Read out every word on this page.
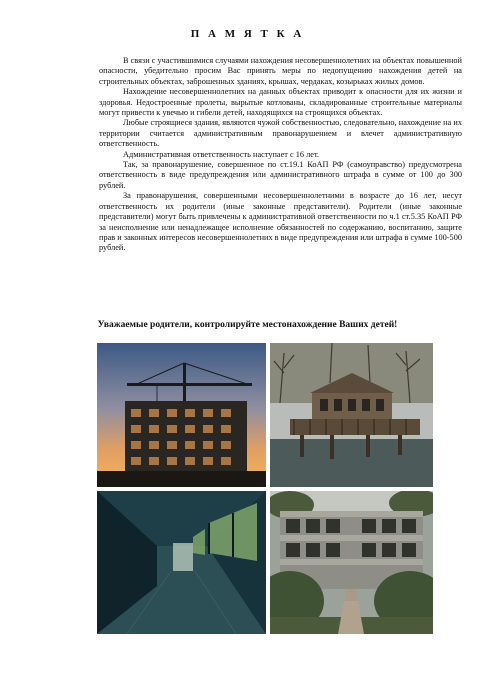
П А М Я Т К А

В связи с участившимися случаями нахождения несовершеннолетних на объектах повышенной опасности, убедительно просим Вас принять меры по недопущению нахождения детей на строительных объектах, заброшенных зданиях, крышах, чердаках, козырьках жилых домов.

Нахождение несовершеннолетних на данных объектах приводит к опасности для их жизни и здоровья. Недостроенные пролеты, вырытые котлованы, складированные строительные материалы могут привести к увечью и гибели детей, находящихся на строящихся объектах.

Любые строящиеся здания, являются чужой собственностью, следовательно, нахождение на их территории считается административным правонарушением и влечет административную ответственность.

Административная ответственность наступает с 16 лет.

Так, за правонарушение, совершенное по ст.19.1 КоАП РФ (самоуправство) предусмотрена ответственность в виде предупреждения или административного штрафа в сумме от 100 до 300 рублей.

За правонарушения, совершенными несовершеннолетними в возрасте до 16 лет, несут ответственность их родители (иные законные представители). Родители (иные законные представители) могут быть привлечены к административной ответственности по ч.1 ст.5.35 КоАП РФ за неисполнение или ненадлежащее исполнение обязанностей по содержанию, воспитанию, защите прав и законных интересов несовершеннолетних в виде предупреждения или штрафа в сумме 100-500 рублей.

Уважаемые родители, контролируйте местонахождение Ваших детей!
